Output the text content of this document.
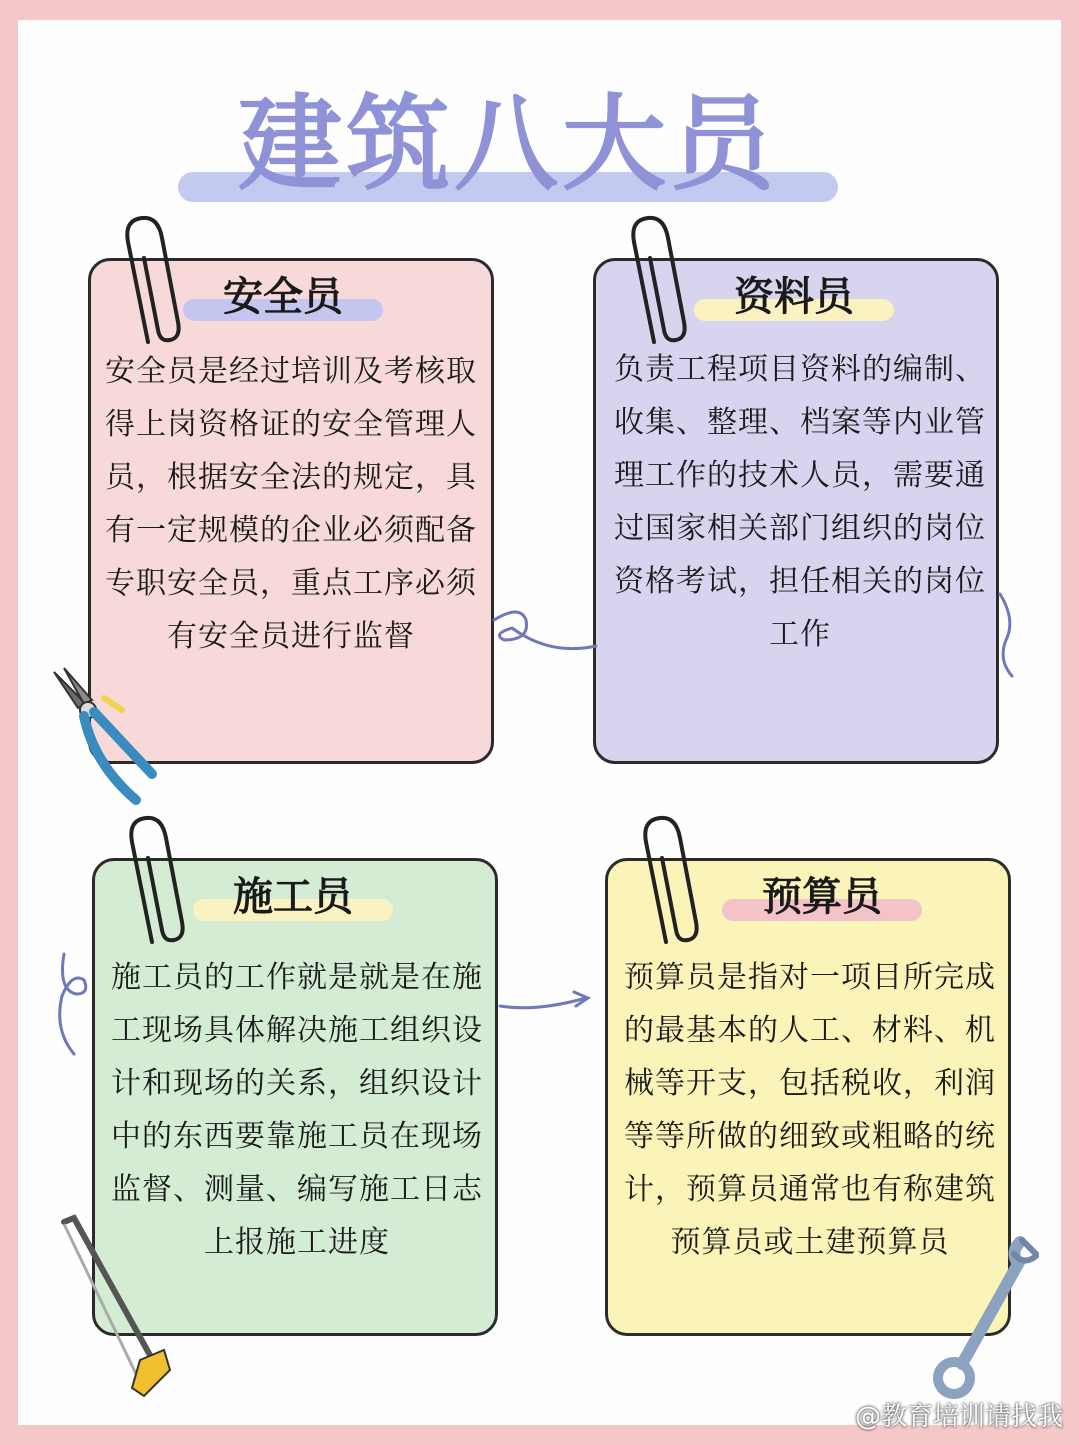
建筑八大员
安全员
安全员是经过培训及考核取得上岗资格证的安全管理人员，根据安全法的规定，具有一定规模的企业必须配备专职安全员，重点工序必须有安全员进行监督
资料员
负责工程项目资料的编制、收集、整理、档案等内业管理工作的技术人员，需要通过国家相关部门组织的岗位资格考试，担任相关的岗位工作
施工员
施工员的工作就是就是在施工现场具体解决施工组织设计和现场的关系，组织设计中的东西要靠施工员在现场监督、测量、编写施工日志上报施工进度
预算员
预算员是指对一项目所完成的最基本的人工、材料、机械等开支，包括税收，利润等等所做的细致或粗略的统计，预算员通常也有称建筑预算员或土建预算员
@教育培训请找我
